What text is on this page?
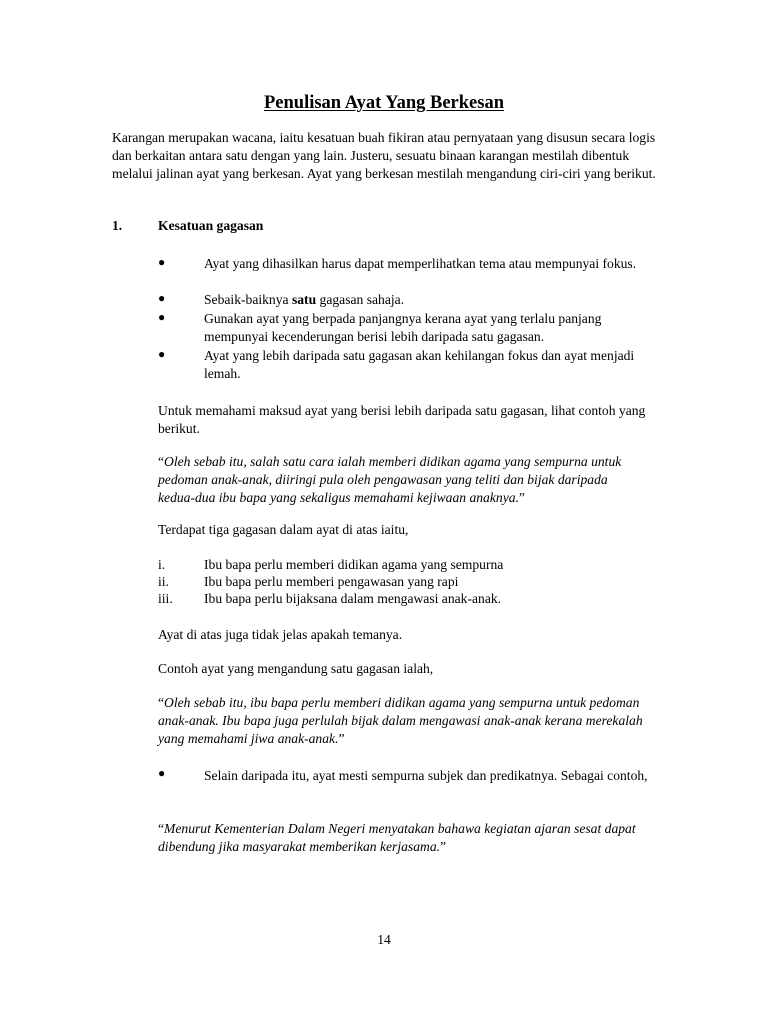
Penulisan Ayat Yang Berkesan

Karangan merupakan wacana, iaitu kesatuan buah fikiran atau pernyataan yang disusun secara logis dan berkaitan antara satu dengan yang lain. Justeru, sesuatu binaan karangan mestilah dibentuk melalui jalinan ayat yang berkesan. Ayat yang berkesan mestilah mengandung ciri-ciri yang berikut.

1.	Kesatuan gagasan
●	Ayat yang dihasilkan harus dapat memperlihatkan tema atau mempunyai fokus.
●	Sebaik-baiknya satu gagasan sahaja.
●	Gunakan ayat yang berpada panjangnya kerana ayat yang terlalu panjang mempunyai kecenderungan berisi lebih daripada satu gagasan.
●	Ayat yang lebih daripada satu gagasan akan kehilangan fokus dan ayat menjadi lemah.

Untuk memahami maksud ayat yang berisi lebih daripada satu gagasan, lihat contoh yang berikut.

“Oleh sebab itu, salah satu cara ialah memberi didikan agama yang sempurna untuk pedoman anak-anak, diiringi pula oleh pengawasan yang teliti dan bijak daripada kedua-dua ibu bapa yang sekaligus memahami kejiwaan anaknya.”

Terdapat tiga gagasan dalam ayat di atas iaitu,

i.	Ibu bapa perlu memberi didikan agama yang sempurna
ii.	Ibu bapa perlu memberi pengawasan yang rapi
iii. Ibu bapa perlu bijaksana dalam mengawasi anak-anak.

Ayat di atas juga tidak jelas apakah temanya.

Contoh ayat yang mengandung satu gagasan ialah,

“Oleh sebab itu, ibu bapa perlu memberi didikan agama yang sempurna untuk pedoman anak-anak. Ibu bapa juga perlulah bijak dalam mengawasi anak-anak kerana merekalah yang memahami jiwa anak-anak.”

●	Selain daripada itu, ayat mesti sempurna subjek dan predikatnya. Sebagai contoh,

“Menurut Kementerian Dalam Negeri menyatakan bahawa kegiatan ajaran sesat dapat dibendung jika masyarakat memberikan kerjasama.”

14
